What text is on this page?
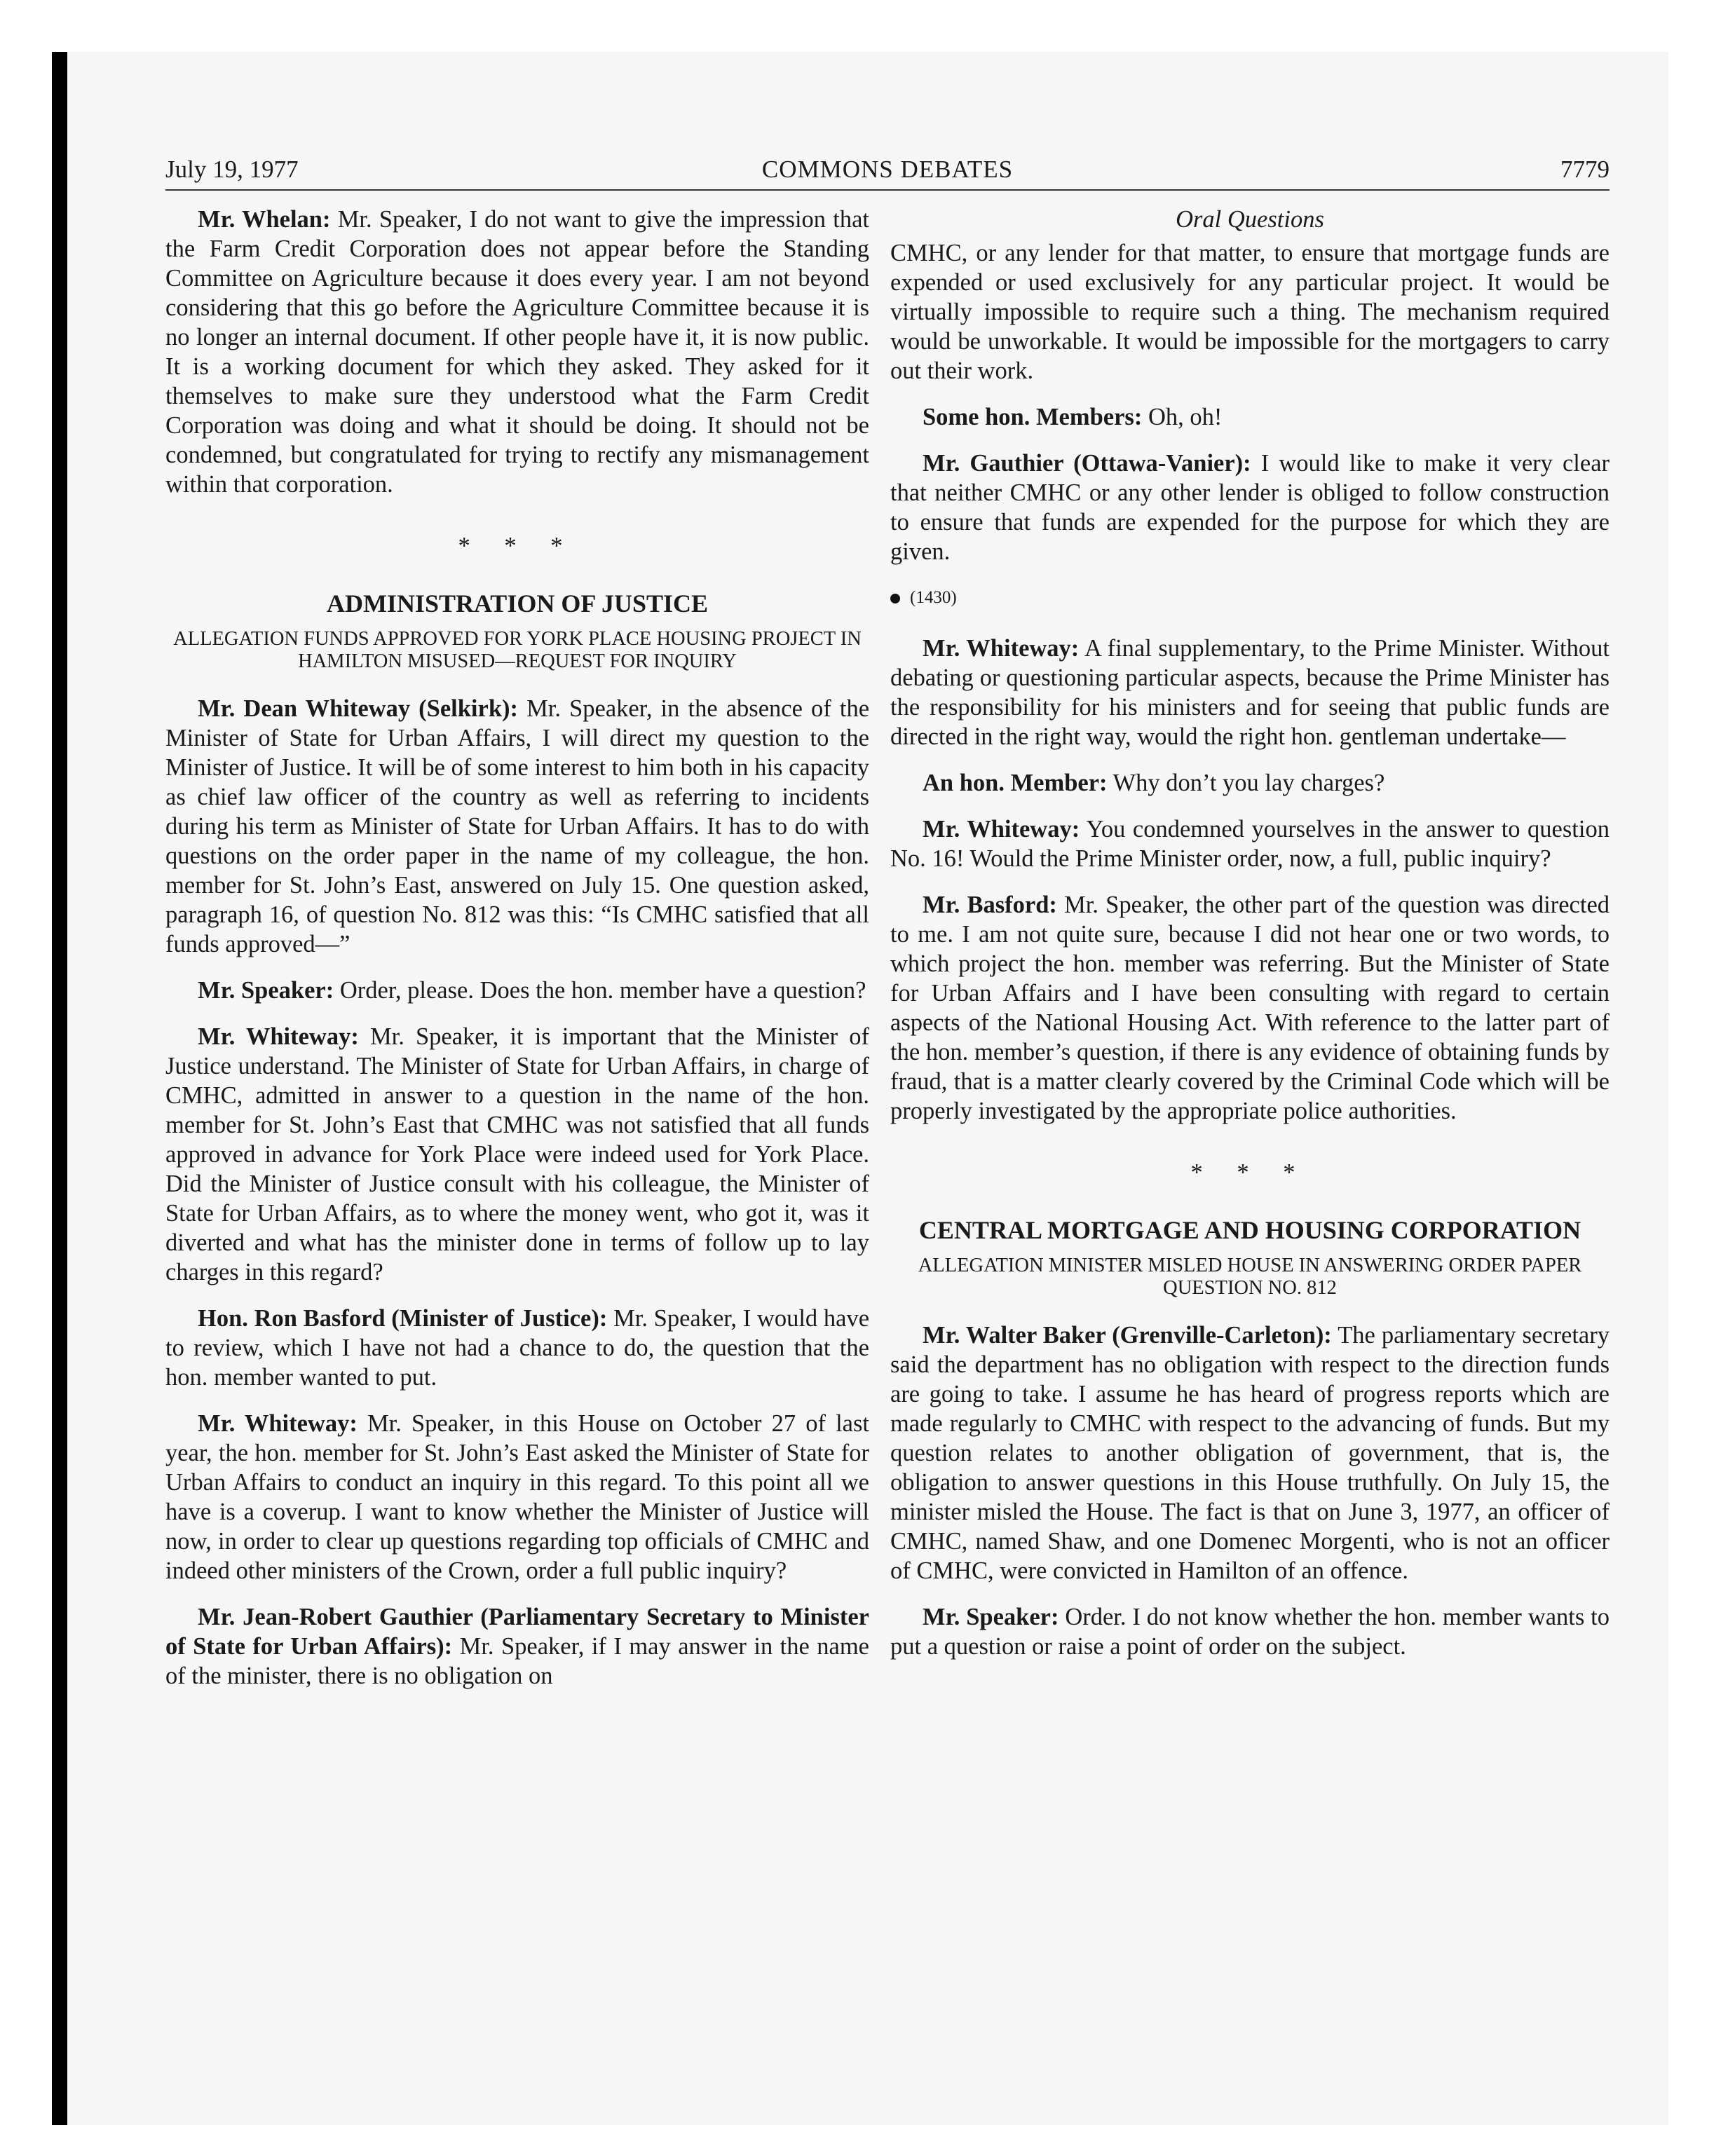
July 19, 1977	COMMONS DEBATES	7779

Mr. Whelan: Mr. Speaker, I do not want to give the impression that the Farm Credit Corporation does not appear before the Standing Committee on Agriculture because it does every year. I am not beyond considering that this go before the Agriculture Committee because it is no longer an internal document. If other people have it, it is now public. It is a working document for which they asked. They asked for it themselves to make sure they understood what the Farm Credit Corporation was doing and what it should be doing. It should not be condemned, but congratulated for trying to rectify any mismanagement within that corporation.

* * *
ADMINISTRATION OF JUSTICE
ALLEGATION FUNDS APPROVED FOR YORK PLACE HOUSING PROJECT IN HAMILTON MISUSED—REQUEST FOR INQUIRY

Mr. Dean Whiteway (Selkirk): Mr. Speaker, in the absence of the Minister of State for Urban Affairs, I will direct my question to the Minister of Justice. It will be of some interest to him both in his capacity as chief law officer of the country as well as referring to incidents during his term as Minister of State for Urban Affairs. It has to do with questions on the order paper in the name of my colleague, the hon. member for St. John’s East, answered on July 15. One question asked, paragraph 16, of question No. 812 was this: “Is CMHC satisfied that all funds approved—”

Mr. Speaker: Order, please. Does the hon. member have a question?

Mr. Whiteway: Mr. Speaker, it is important that the Minister of Justice understand. The Minister of State for Urban Affairs, in charge of CMHC, admitted in answer to a question in the name of the hon. member for St. John’s East that CMHC was not satisfied that all funds approved in advance for York Place were indeed used for York Place. Did the Minister of Justice consult with his colleague, the Minister of State for Urban Affairs, as to where the money went, who got it, was it diverted and what has the minister done in terms of follow up to lay charges in this regard?

Hon. Ron Basford (Minister of Justice): Mr. Speaker, I would have to review, which I have not had a chance to do, the question that the hon. member wanted to put.

Mr. Whiteway: Mr. Speaker, in this House on October 27 of last year, the hon. member for St. John’s East asked the Minister of State for Urban Affairs to conduct an inquiry in this regard. To this point all we have is a coverup. I want to know whether the Minister of Justice will now, in order to clear up questions regarding top officials of CMHC and indeed other ministers of the Crown, order a full public inquiry?

Mr. Jean-Robert Gauthier (Parliamentary Secretary to Minister of State for Urban Affairs): Mr. Speaker, if I may answer in the name of the minister, there is no obligation on

Oral Questions

CMHC, or any lender for that matter, to ensure that mortgage funds are expended or used exclusively for any particular project. It would be virtually impossible to require such a thing. The mechanism required would be unworkable. It would be impossible for the mortgagers to carry out their work.

Some hon. Members: Oh, oh!

Mr. Gauthier (Ottawa-Vanier): I would like to make it very clear that neither CMHC or any other lender is obliged to follow construction to ensure that funds are expended for the purpose for which they are given.

(1430)

Mr. Whiteway: A final supplementary, to the Prime Minister. Without debating or questioning particular aspects, because the Prime Minister has the responsibility for his ministers and for seeing that public funds are directed in the right way, would the right hon. gentleman undertake—

An hon. Member: Why don’t you lay charges?

Mr. Whiteway: You condemned yourselves in the answer to question No. 16! Would the Prime Minister order, now, a full, public inquiry?

Mr. Basford: Mr. Speaker, the other part of the question was directed to me. I am not quite sure, because I did not hear one or two words, to which project the hon. member was referring. But the Minister of State for Urban Affairs and I have been consulting with regard to certain aspects of the National Housing Act. With reference to the latter part of the hon. member’s question, if there is any evidence of obtaining funds by fraud, that is a matter clearly covered by the Criminal Code which will be properly investigated by the appropriate police authorities.

* * *
CENTRAL MORTGAGE AND HOUSING CORPORATION
ALLEGATION MINISTER MISLED HOUSE IN ANSWERING ORDER PAPER QUESTION NO. 812

Mr. Walter Baker (Grenville-Carleton): The parliamentary secretary said the department has no obligation with respect to the direction funds are going to take. I assume he has heard of progress reports which are made regularly to CMHC with respect to the advancing of funds. But my question relates to another obligation of government, that is, the obligation to answer questions in this House truthfully. On July 15, the minister misled the House. The fact is that on June 3, 1977, an officer of CMHC, named Shaw, and one Domenec Morgenti, who is not an officer of CMHC, were convicted in Hamilton of an offence.

Mr. Speaker: Order. I do not know whether the hon. member wants to put a question or raise a point of order on the subject.
